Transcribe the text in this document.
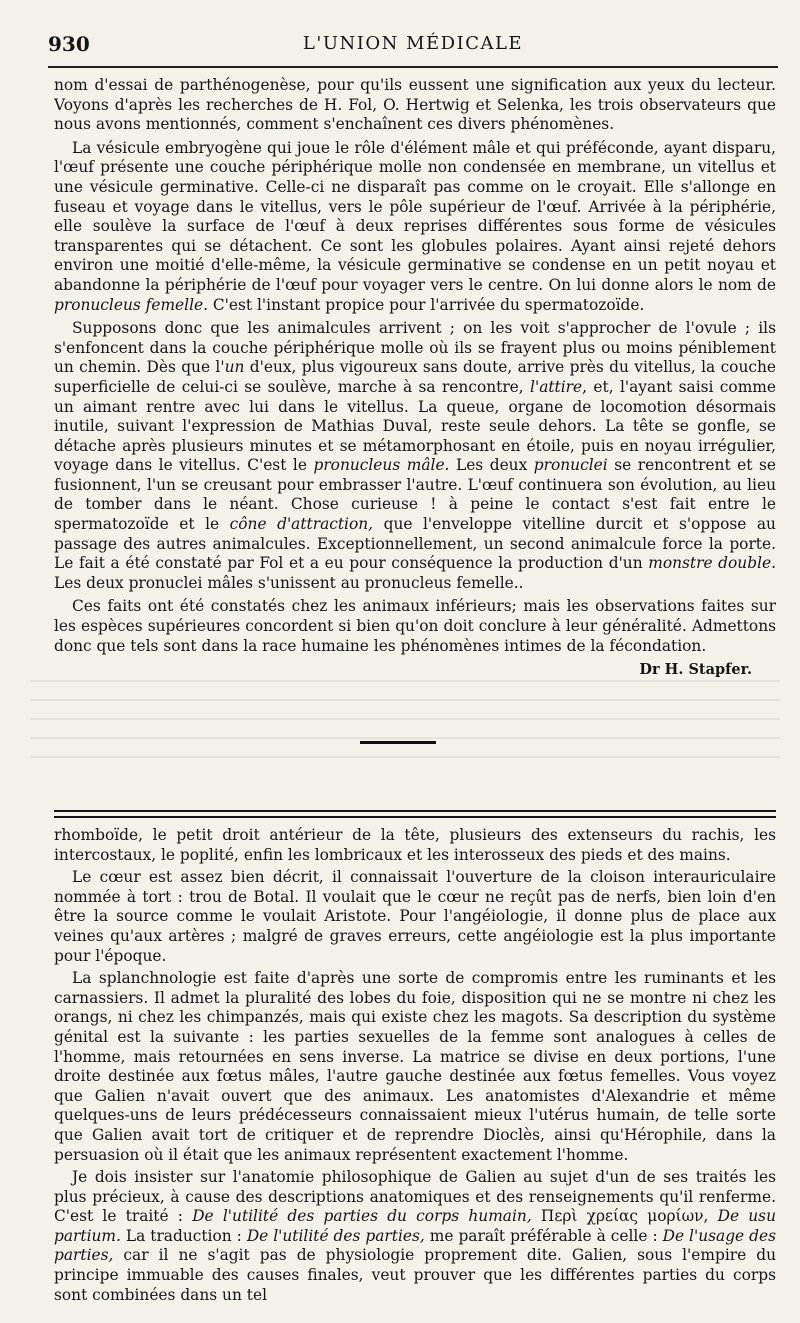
930	L'UNION MÉDICALE

nom d'essai de parthénogenèse, pour qu'ils eussent une signification aux yeux du lecteur. Voyons d'après les recherches de H. Fol, O. Hertwig et Selenka, les trois observateurs que nous avons mentionnés, comment s'enchaînent ces divers phénomènes.

La vésicule embryogène qui joue le rôle d'élément mâle et qui préféconde, ayant disparu, l'œuf présente une couche périphérique molle non condensée en membrane, un vitellus et une vésicule germinative. Celle-ci ne disparaît pas comme on le croyait. Elle s'allonge en fuseau et voyage dans le vitellus, vers le pôle supérieur de l'œuf. Arrivée à la périphérie, elle soulève la surface de l'œuf à deux reprises différentes sous forme de vésicules transparentes qui se détachent. Ce sont les globules polaires. Ayant ainsi rejeté dehors environ une moitié d'elle-même, la vésicule germinative se condense en un petit noyau et abandonne la périphérie de l'œuf pour voyager vers le centre. On lui donne alors le nom de pronucleus femelle. C'est l'instant propice pour l'arrivée du spermatozoïde.

Supposons donc que les animalcules arrivent ; on les voit s'approcher de l'ovule ; ils s'enfoncent dans la couche périphérique molle où ils se frayent plus ou moins péniblement un chemin. Dès que l'un d'eux, plus vigoureux sans doute, arrive près du vitellus, la couche superficielle de celui-ci se soulève, marche à sa rencontre, l'attire, et, l'ayant saisi comme un aimant rentre avec lui dans le vitellus. La queue, organe de locomotion désormais inutile, suivant l'expression de Mathias Duval, reste seule dehors. La tête se gonfle, se détache après plusieurs minutes et se métamorphosant en étoile, puis en noyau irrégulier, voyage dans le vitellus. C'est le pronucleus mâle. Les deux pronuclei se rencontrent et se fusionnent, l'un se creusant pour embrasser l'autre. L'œuf continuera son évolution, au lieu de tomber dans le néant. Chose curieuse ! à peine le contact s'est fait entre le spermatozoïde et le cône d'attraction, que l'enveloppe vitelline durcit et s'oppose au passage des autres animalcules. Exceptionnellement, un second animalcule force la porte. Le fait a été constaté par Fol et a eu pour conséquence la production d'un monstre double. Les deux pronuclei mâles s'unissent au pronucleus femelle..

Ces faits ont été constatés chez les animaux inférieurs; mais les observations faites sur les espèces supérieures concordent si bien qu'on doit conclure à leur généralité. Admettons donc que tels sont dans la race humaine les phénomènes intimes de la fécondation.

Dr H. Stapfer.

rhomboïde, le petit droit antérieur de la tête, plusieurs des extenseurs du rachis, les intercostaux, le poplité, enfin les lombricaux et les interosseux des pieds et des mains.

Le cœur est assez bien décrit, il connaissait l'ouverture de la cloison interauriculaire nommée à tort : trou de Botal. Il voulait que le cœur ne reçût pas de nerfs, bien loin d'en être la source comme le voulait Aristote. Pour l'angéiologie, il donne plus de place aux veines qu'aux artères ; malgré de graves erreurs, cette angéiologie est la plus importante pour l'époque.

La splanchnologie est faite d'après une sorte de compromis entre les ruminants et les carnassiers. Il admet la pluralité des lobes du foie, disposition qui ne se montre ni chez les orangs, ni chez les chimpanzés, mais qui existe chez les magots. Sa description du système génital est la suivante : les parties sexuelles de la femme sont analogues à celles de l'homme, mais retournées en sens inverse. La matrice se divise en deux portions, l'une droite destinée aux fœtus mâles, l'autre gauche destinée aux fœtus femelles. Vous voyez que Galien n'avait ouvert que des animaux. Les anatomistes d'Alexandrie et même quelques-uns de leurs prédécesseurs connaissaient mieux l'utérus humain, de telle sorte que Galien avait tort de critiquer et de reprendre Dioclès, ainsi qu'Hérophile, dans la persuasion où il était que les animaux représentent exactement l'homme.

Je dois insister sur l'anatomie philosophique de Galien au sujet d'un de ses traités les plus précieux, à cause des descriptions anatomiques et des renseignements qu'il renferme. C'est le traité : De l'utilité des parties du corps humain, Περὶ χρείας μορίων, De usu partium. La traduction : De l'utilité des parties, me paraît préférable à celle : De l'usage des parties, car il ne s'agit pas de physiologie proprement dite. Galien, sous l'empire du principe immuable des causes finales, veut prouver que les différentes parties du corps sont combinées dans un tel
